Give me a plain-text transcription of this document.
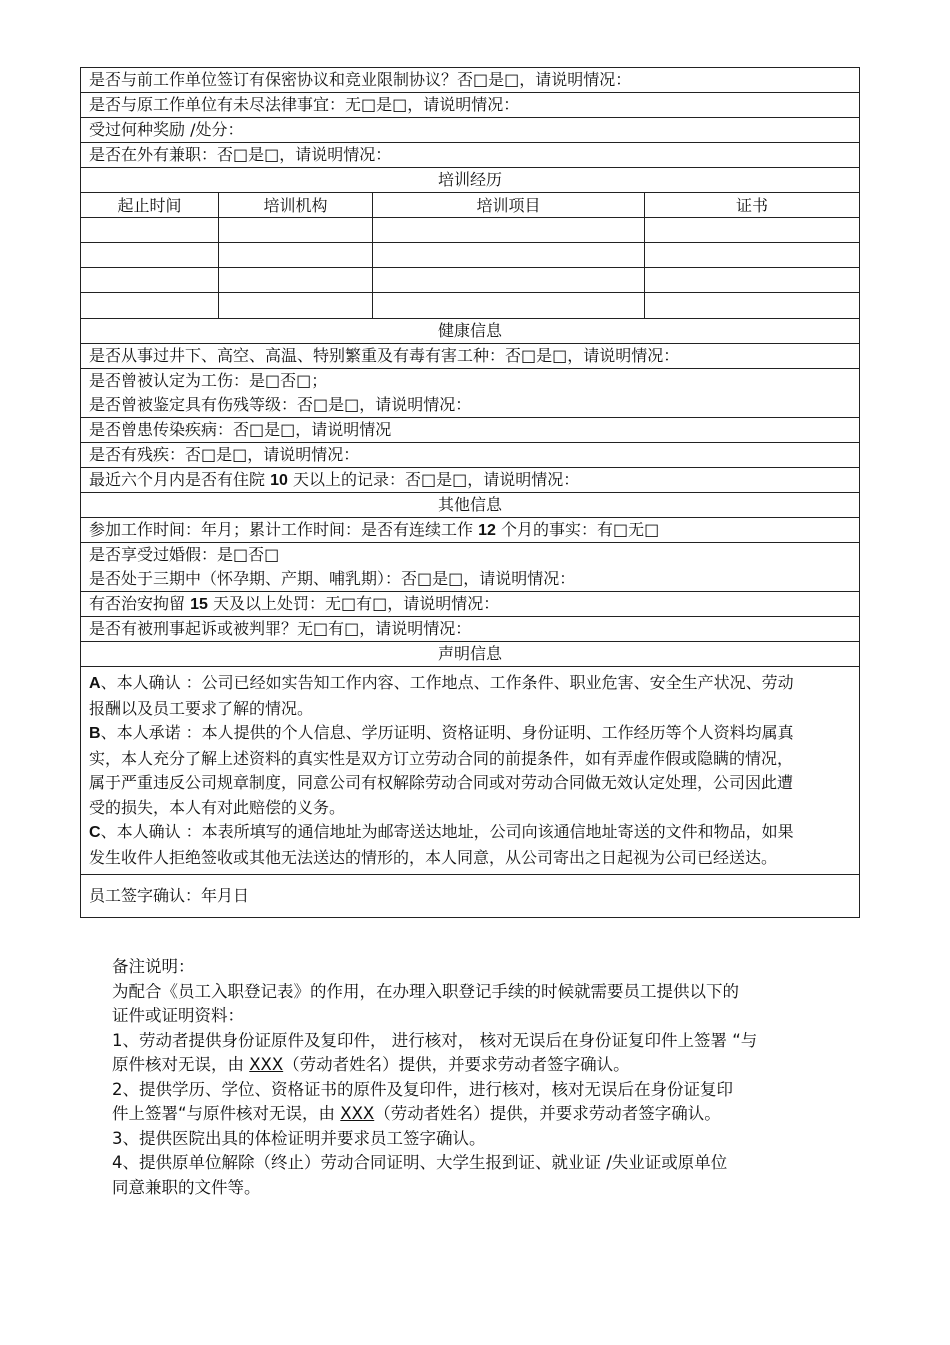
是否与前工作单位签订有保密协议和竞业限制协议？否□是□，请说明情况：
是否与原工作单位有未尽法律事宜：无□是□，请说明情况：
受过何种奖励 /处分：
是否在外有兼职：否□是□，请说明情况：
培训经历
起止时间	培训机构	培训项目	证书
健康信息
是否从事过井下、高空、高温、特别繁重及有毒有害工种：否□是□，请说明情况：
是否曾被认定为工伤：是□否□；
是否曾被鉴定具有伤残等级：否□是□，请说明情况：
是否曾患传染疾病：否□是□，请说明情况
是否有残疾：否□是□，请说明情况：
最近六个月内是否有住院 10 天以上的记录：否□是□，请说明情况：
其他信息
参加工作时间：年月；累计工作时间：是否有连续工作 12 个月的事实：有□无□
是否享受过婚假：是□否□
是否处于三期中（怀孕期、产期、哺乳期）：否□是□，请说明情况：
有否治安拘留 15 天及以上处罚：无□有□，请说明情况：
是否有被刑事起诉或被判罪？无□有□，请说明情况：
声明信息
A、本人确认 ：公司已经如实告知工作内容、工作地点、工作条件、职业危害、安全生产状况、劳动报酬以及员工要求了解的情况。
B、本人承诺 ：本人提供的个人信息、学历证明、资格证明、身份证明、工作经历等个人资料均属真实，本人充分了解上述资料的真实性是双方订立劳动合同的前提条件，如有弄虚作假或隐瞒的情况，属于严重违反公司规章制度，同意公司有权解除劳动合同或对劳动合同做无效认定处理，公司因此遭受的损失，本人有对此赔偿的义务。
C、本人确认 ：本表所填写的通信地址为邮寄送达地址，公司向该通信地址寄送的文件和物品，如果发生收件人拒绝签收或其他无法送达的情形的，本人同意，从公司寄出之日起视为公司已经送达。
员工签字确认：年月日

备注说明：

为配合《员工入职登记表》的作用，在办理入职登记手续的时候就需要员工提供以下的

证件或证明资料：

1、劳动者提供身份证原件及复印件， 进行核对， 核对无误后在身份证复印件上签署 “与

原件核对无误，由 XXX（劳动者姓名）提供，并要求劳动者签字确认。

2、提供学历、学位、资格证书的原件及复印件，进行核对，核对无误后在身份证复印

件上签署“与原件核对无误，由 XXX（劳动者姓名）提供，并要求劳动者签字确认。

3、提供医院出具的体检证明并要求员工签字确认。

4、提供原单位解除（终止）劳动合同证明、大学生报到证、就业证 /失业证或原单位

同意兼职的文件等。
